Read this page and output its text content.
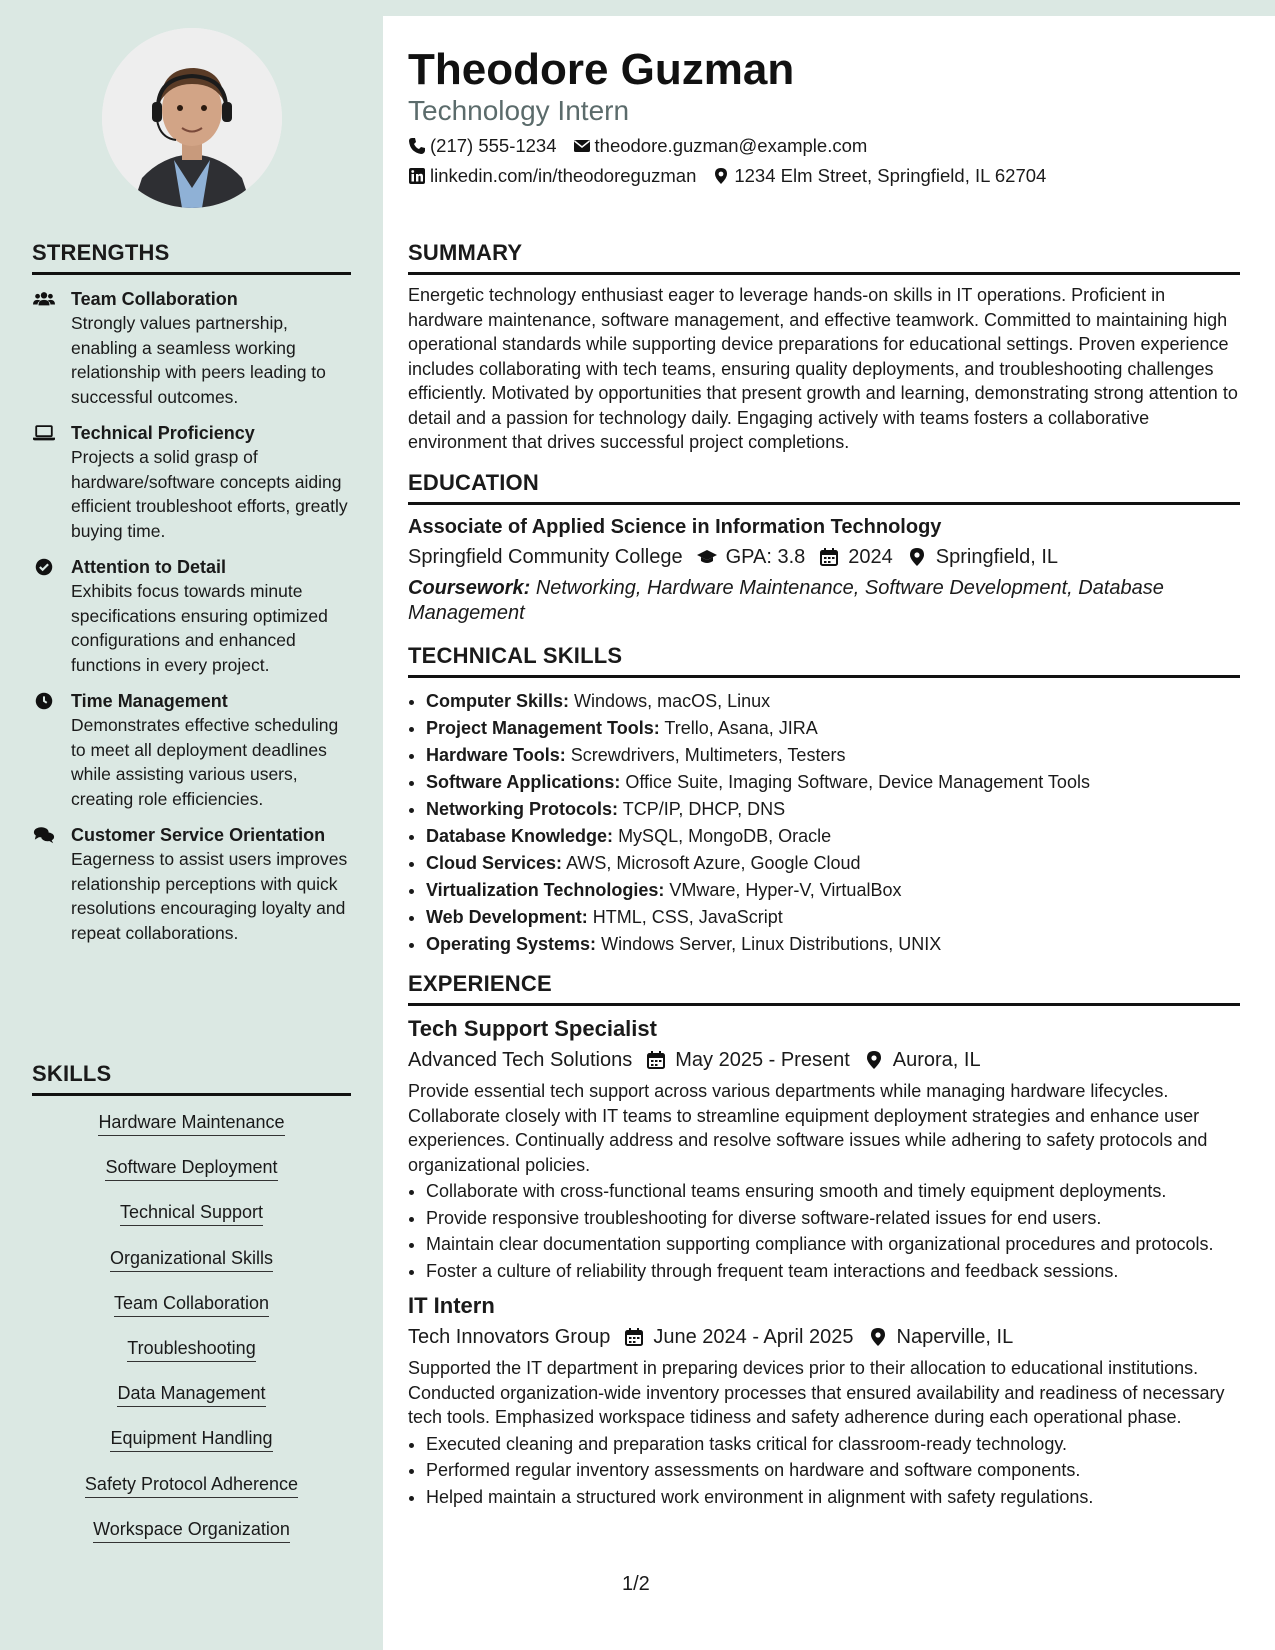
STRENGTHS
Team Collaboration
Strongly values partnership, enabling a seamless working relationship with peers leading to successful outcomes.
Technical Proficiency
Projects a solid grasp of hardware/software concepts aiding efficient troubleshoot efforts, greatly buying time.
Attention to Detail
Exhibits focus towards minute specifications ensuring optimized configurations and enhanced functions in every project.
Time Management
Demonstrates effective scheduling to meet all deployment deadlines while assisting various users, creating role efficiencies.
Customer Service Orientation
Eagerness to assist users improves relationship perceptions with quick resolutions encouraging loyalty and repeat collaborations.
SKILLS
Hardware Maintenance
Software Deployment
Technical Support
Organizational Skills
Team Collaboration
Troubleshooting
Data Management
Equipment Handling
Safety Protocol Adherence
Workspace Organization
Theodore Guzman
Technology Intern
(217) 555-1234 theodore.guzman@example.com
linkedin.com/in/theodoreguzman 1234 Elm Street, Springfield, IL 62704
SUMMARY

Energetic technology enthusiast eager to leverage hands-on skills in IT operations. Proficient in hardware maintenance, software management, and effective teamwork. Committed to maintaining high operational standards while supporting device preparations for educational settings. Proven experience includes collaborating with tech teams, ensuring quality deployments, and troubleshooting challenges efficiently. Motivated by opportunities that present growth and learning, demonstrating strong attention to detail and a passion for technology daily. Engaging actively with teams fosters a collaborative environment that drives successful project completions.

EDUCATION
Associate of Applied Science in Information Technology
Springfield Community College GPA: 3.8 2024 Springfield, IL

Coursework: Networking, Hardware Maintenance, Software Development, Database Management

TECHNICAL SKILLS
• Computer Skills: Windows, macOS, Linux
• Project Management Tools: Trello, Asana, JIRA
• Hardware Tools: Screwdrivers, Multimeters, Testers
• Software Applications: Office Suite, Imaging Software, Device Management Tools
• Networking Protocols: TCP/IP, DHCP, DNS
• Database Knowledge: MySQL, MongoDB, Oracle
• Cloud Services: AWS, Microsoft Azure, Google Cloud
• Virtualization Technologies: VMware, Hyper-V, VirtualBox
• Web Development: HTML, CSS, JavaScript
• Operating Systems: Windows Server, Linux Distributions, UNIX
EXPERIENCE
Tech Support Specialist
Advanced Tech Solutions May 2025 - Present Aurora, IL

Provide essential tech support across various departments while managing hardware lifecycles. Collaborate closely with IT teams to streamline equipment deployment strategies and enhance user experiences. Continually address and resolve software issues while adhering to safety protocols and organizational policies.

• Collaborate with cross-functional teams ensuring smooth and timely equipment deployments.
• Provide responsive troubleshooting for diverse software-related issues for end users.
• Maintain clear documentation supporting compliance with organizational procedures and protocols.
• Foster a culture of reliability through frequent team interactions and feedback sessions.
IT Intern
Tech Innovators Group June 2024 - April 2025 Naperville, IL

Supported the IT department in preparing devices prior to their allocation to educational institutions. Conducted organization-wide inventory processes that ensured availability and readiness of necessary tech tools. Emphasized workspace tidiness and safety adherence during each operational phase.

• Executed cleaning and preparation tasks critical for classroom-ready technology.
• Performed regular inventory assessments on hardware and software components.
• Helped maintain a structured work environment in alignment with safety regulations.
1/2
